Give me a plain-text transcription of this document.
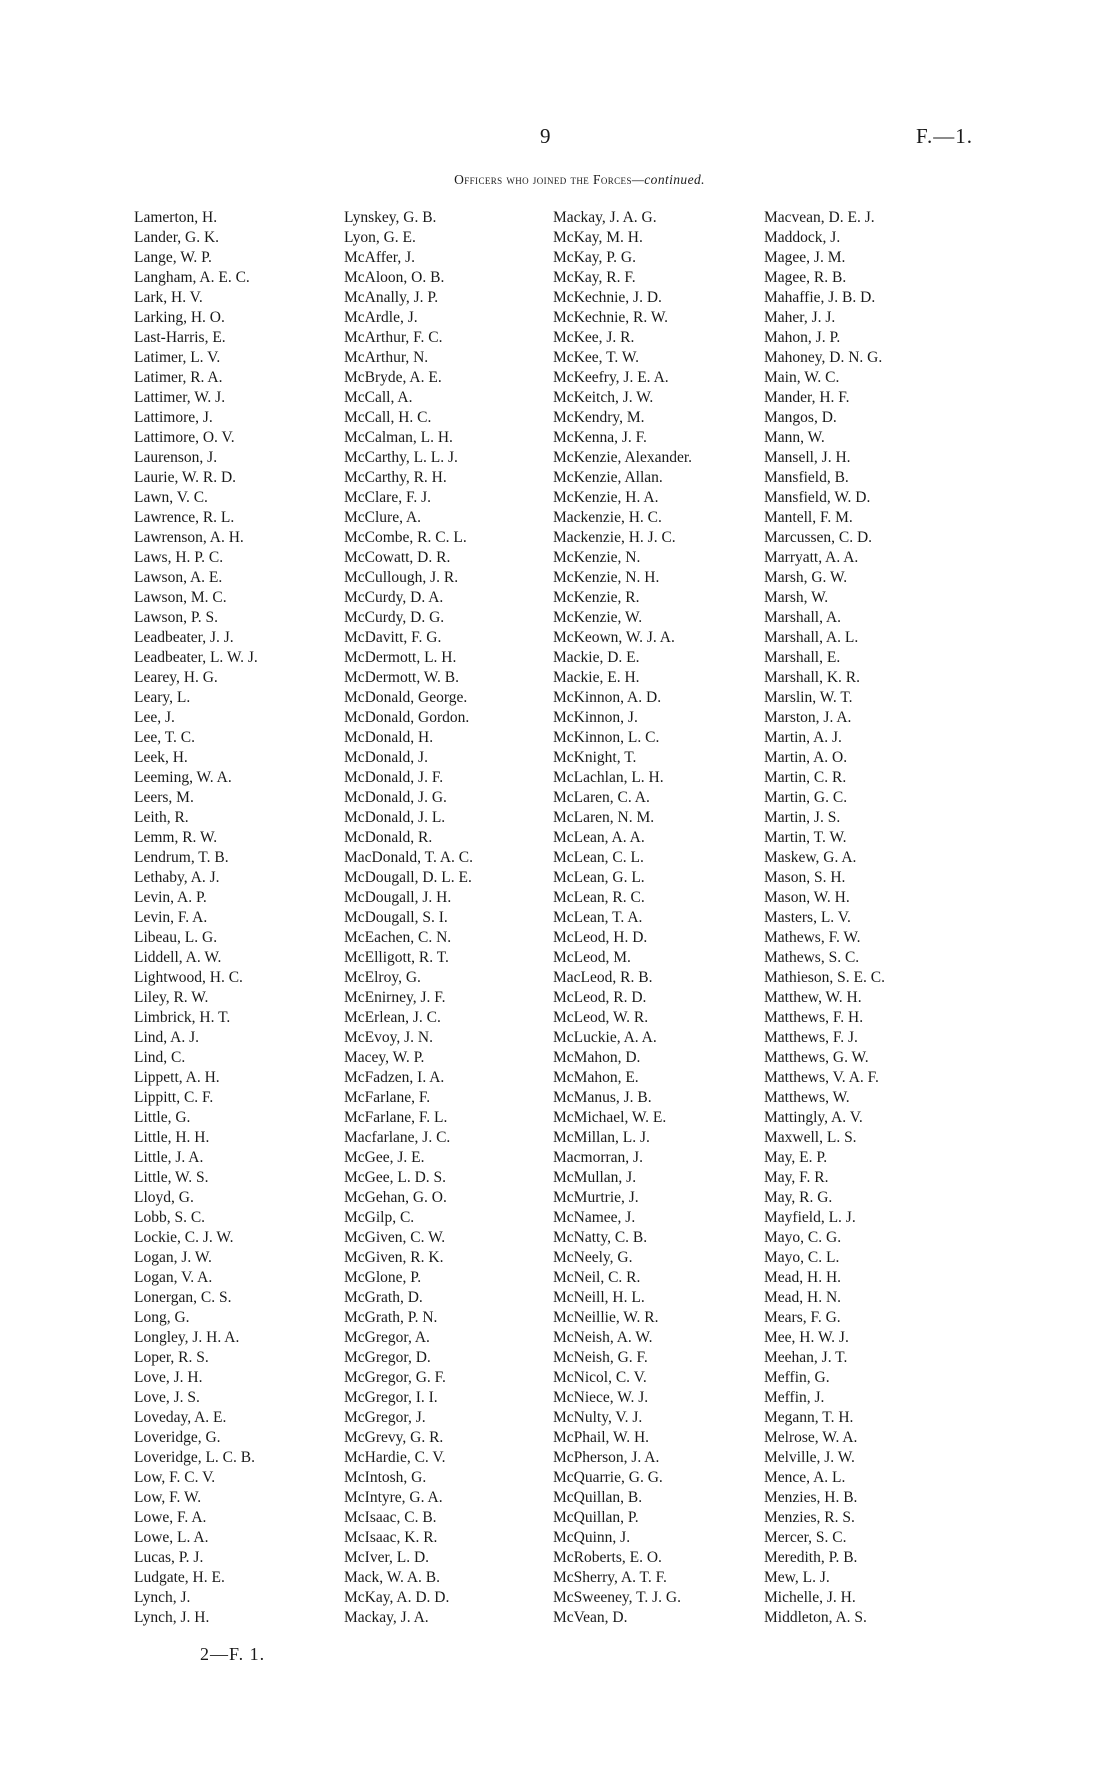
9	F.—1.
Officers who joined the Forces—continued.
Lamerton, H.
Lander, G. K.
Lange, W. P.
Langham, A. E. C.
Lark, H. V.
Larking, H. O.
Last-Harris, E.
Latimer, L. V.
Latimer, R. A.
Lattimer, W. J.
Lattimore, J.
Lattimore, O. V.
Laurenson, J.
Laurie, W. R. D.
Lawn, V. C.
Lawrence, R. L.
Lawrenson, A. H.
Laws, H. P. C.
Lawson, A. E.
Lawson, M. C.
Lawson, P. S.
Leadbeater, J. J.
Leadbeater, L. W. J.
Learey, H. G.
Leary, L.
Lee, J.
Lee, T. C.
Leek, H.
Leeming, W. A.
Leers, M.
Leith, R.
Lemm, R. W.
Lendrum, T. B.
Lethaby, A. J.
Levin, A. P.
Levin, F. A.
Libeau, L. G.
Liddell, A. W.
Lightwood, H. C.
Liley, R. W.
Limbrick, H. T.
Lind, A. J.
Lind, C.
Lippett, A. H.
Lippitt, C. F.
Little, G.
Little, H. H.
Little, J. A.
Little, W. S.
Lloyd, G.
Lobb, S. C.
Lockie, C. J. W.
Logan, J. W.
Logan, V. A.
Lonergan, C. S.
Long, G.
Longley, J. H. A.
Loper, R. S.
Love, J. H.
Love, J. S.
Loveday, A. E.
Loveridge, G.
Loveridge, L. C. B.
Low, F. C. V.
Low, F. W.
Lowe, F. A.
Lowe, L. A.
Lucas, P. J.
Ludgate, H. E.
Lynch, J.
Lynch, J. H.
Lynskey, G. B.
Lyon, G. E.
McAffer, J.
McAloon, O. B.
McAnally, J. P.
McArdle, J.
McArthur, F. C.
McArthur, N.
McBryde, A. E.
McCall, A.
McCall, H. C.
McCalman, L. H.
McCarthy, L. L. J.
McCarthy, R. H.
McClare, F. J.
McClure, A.
McCombe, R. C. L.
McCowatt, D. R.
McCullough, J. R.
McCurdy, D. A.
McCurdy, D. G.
McDavitt, F. G.
McDermott, L. H.
McDermott, W. B.
McDonald, George.
McDonald, Gordon.
McDonald, H.
McDonald, J.
McDonald, J. F.
McDonald, J. G.
McDonald, J. L.
McDonald, R.
MacDonald, T. A. C.
McDougall, D. L. E.
McDougall, J. H.
McDougall, S. I.
McEachen, C. N.
McElligott, R. T.
McElroy, G.
McEnirney, J. F.
McErlean, J. C.
McEvoy, J. N.
Macey, W. P.
McFadzen, I. A.
McFarlane, F.
McFarlane, F. L.
Macfarlane, J. C.
McGee, J. E.
McGee, L. D. S.
McGehan, G. O.
McGilp, C.
McGiven, C. W.
McGiven, R. K.
McGlone, P.
McGrath, D.
McGrath, P. N.
McGregor, A.
McGregor, D.
McGregor, G. F.
McGregor, I. I.
McGregor, J.
McGrevy, G. R.
McHardie, C. V.
McIntosh, G.
McIntyre, G. A.
McIsaac, C. B.
McIsaac, K. R.
McIver, L. D.
Mack, W. A. B.
McKay, A. D. D.
Mackay, J. A.
Mackay, J. A. G.
McKay, M. H.
McKay, P. G.
McKay, R. F.
McKechnie, J. D.
McKechnie, R. W.
McKee, J. R.
McKee, T. W.
McKeefry, J. E. A.
McKeitch, J. W.
McKendry, M.
McKenna, J. F.
McKenzie, Alexander.
McKenzie, Allan.
McKenzie, H. A.
Mackenzie, H. C.
Mackenzie, H. J. C.
McKenzie, N.
McKenzie, N. H.
McKenzie, R.
McKenzie, W.
McKeown, W. J. A.
Mackie, D. E.
Mackie, E. H.
McKinnon, A. D.
McKinnon, J.
McKinnon, L. C.
McKnight, T.
McLachlan, L. H.
McLaren, C. A.
McLaren, N. M.
McLean, A. A.
McLean, C. L.
McLean, G. L.
McLean, R. C.
McLean, T. A.
McLeod, H. D.
McLeod, M.
MacLeod, R. B.
McLeod, R. D.
McLeod, W. R.
McLuckie, A. A.
McMahon, D.
McMahon, E.
McManus, J. B.
McMichael, W. E.
McMillan, L. J.
Macmorran, J.
McMullan, J.
McMurtrie, J.
McNamee, J.
McNatty, C. B.
McNeely, G.
McNeil, C. R.
McNeill, H. L.
McNeillie, W. R.
McNeish, A. W.
McNeish, G. F.
McNicol, C. V.
McNiece, W. J.
McNulty, V. J.
McPhail, W. H.
McPherson, J. A.
McQuarrie, G. G.
McQuillan, B.
McQuillan, P.
McQuinn, J.
McRoberts, E. O.
McSherry, A. T. F.
McSweeney, T. J. G.
McVean, D.
Macvean, D. E. J.
Maddock, J.
Magee, J. M.
Magee, R. B.
Mahaffie, J. B. D.
Maher, J. J.
Mahon, J. P.
Mahoney, D. N. G.
Main, W. C.
Mander, H. F.
Mangos, D.
Mann, W.
Mansell, J. H.
Mansfield, B.
Mansfield, W. D.
Mantell, F. M.
Marcussen, C. D.
Marryatt, A. A.
Marsh, G. W.
Marsh, W.
Marshall, A.
Marshall, A. L.
Marshall, E.
Marshall, K. R.
Marslin, W. T.
Marston, J. A.
Martin, A. J.
Martin, A. O.
Martin, C. R.
Martin, G. C.
Martin, J. S.
Martin, T. W.
Maskew, G. A.
Mason, S. H.
Mason, W. H.
Masters, L. V.
Mathews, F. W.
Mathews, S. C.
Mathieson, S. E. C.
Matthew, W. H.
Matthews, F. H.
Matthews, F. J.
Matthews, G. W.
Matthews, V. A. F.
Matthews, W.
Mattingly, A. V.
Maxwell, L. S.
May, E. P.
May, F. R.
May, R. G.
Mayfield, L. J.
Mayo, C. G.
Mayo, C. L.
Mead, H. H.
Mead, H. N.
Mears, F. G.
Mee, H. W. J.
Meehan, J. T.
Meffin, G.
Meffin, J.
Megann, T. H.
Melrose, W. A.
Melville, J. W.
Mence, A. L.
Menzies, H. B.
Menzies, R. S.
Mercer, S. C.
Meredith, P. B.
Mew, L. J.
Michelle, J. H.
Middleton, A. S.
2—F. 1.
